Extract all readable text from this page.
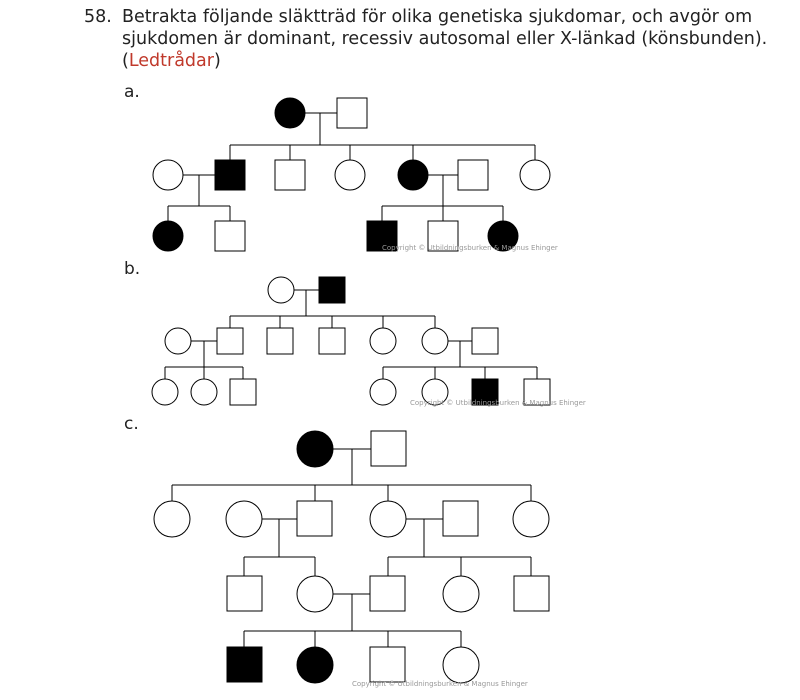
58. Betrakta följande släktträd för olika genetiska sjukdomar, och avgör om
sjukdomen är dominant, recessiv autosomal eller X-länkad (könsbunden).
(Ledtrådar)
a.
b.
c.
Copyright © Utbildningsburken & Magnus Ehinger
Copyright © Utbildningsburken & Magnus Ehinger
Copyright © Utbildningsburken & Magnus Ehinger
